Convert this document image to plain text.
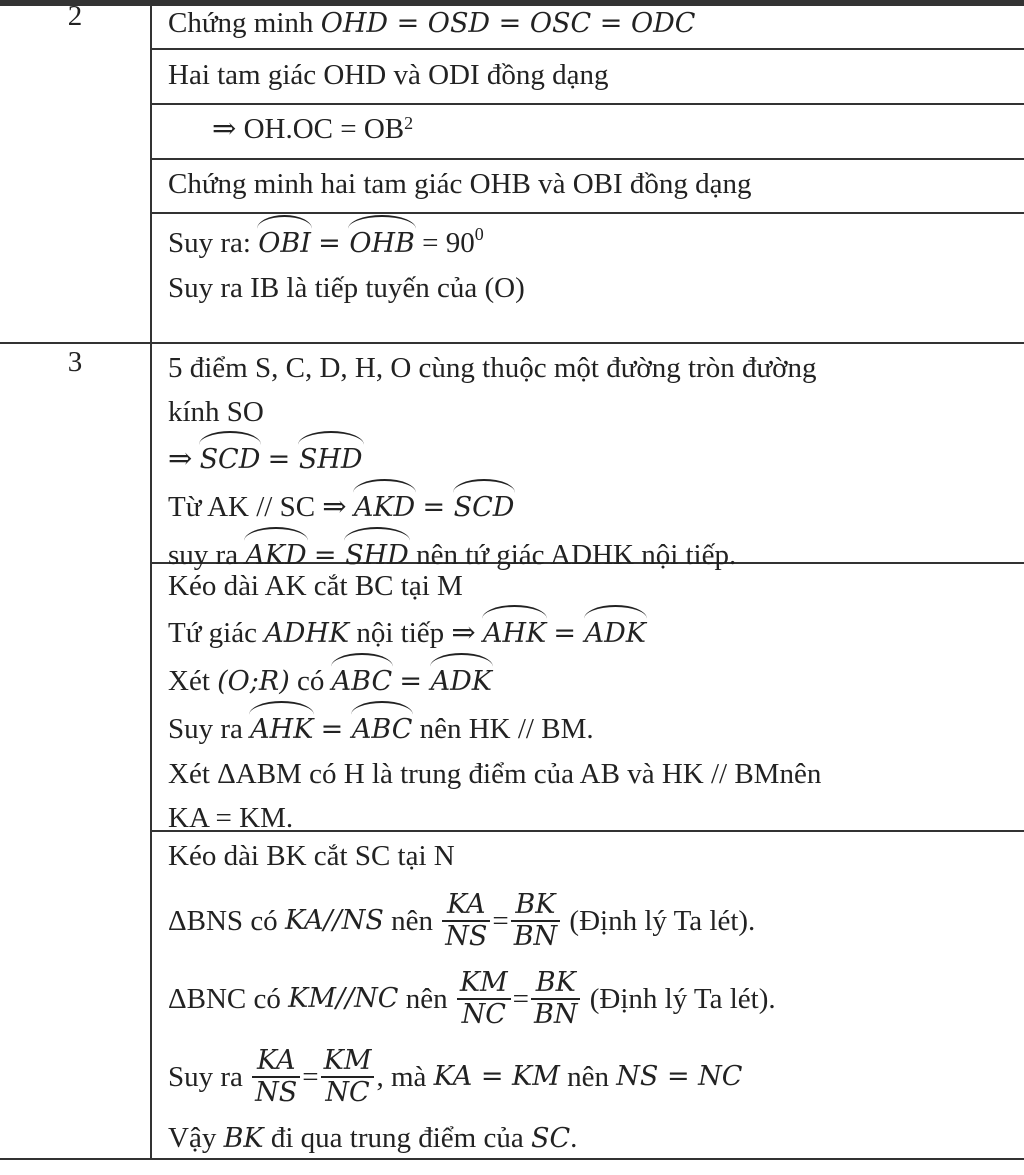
2	Chứng minh OHD = OSD = OSC = ODC
Hai tam giác OHD và ODI đồng dạng
⇒ $OH.OC = OB^2$
Chứng minh hai tam giác OHB và OBI đồng dạng
Suy ra: OBI = OHB = $90^0$
Suy ra IB là tiếp tuyến của (O)
3	5 điểm S, C, D, H, O cùng thuộc một đường tròn đường
kính SO
⇒ SCD = SHD
Từ AK // SC ⇒ AKD = SCD
suy ra AKD = SHD nên tứ giác ADHK nội tiếp.
Kéo dài AK cắt BC tại M
Tứ giác ADHK nội tiếp ⇒ AHK = ADK
Xét (O;R) có ABC = ADK
Suy ra AHK = ABC nên HK // BM.
Xét ΔABM có H là trung điểm của AB và HK // BMnên
KA = KM.
Kéo dài BK cắt SC tại N
ΔBNS có
KA//NS
nên
$\frac{KA}{NS} = \frac{BK}{BN}$
(Định lý Ta lét).
ΔBNC có
KM//NC
nên
$\frac{KM}{NC} = \frac{BK}{BN}$
(Định lý Ta lét).
Suy ra
$\frac{KA}{NS} = \frac{KM}{NC}$ , mà
KA = KM
nên
NS = NC
Vậy BK đi qua trung điểm của SC.
